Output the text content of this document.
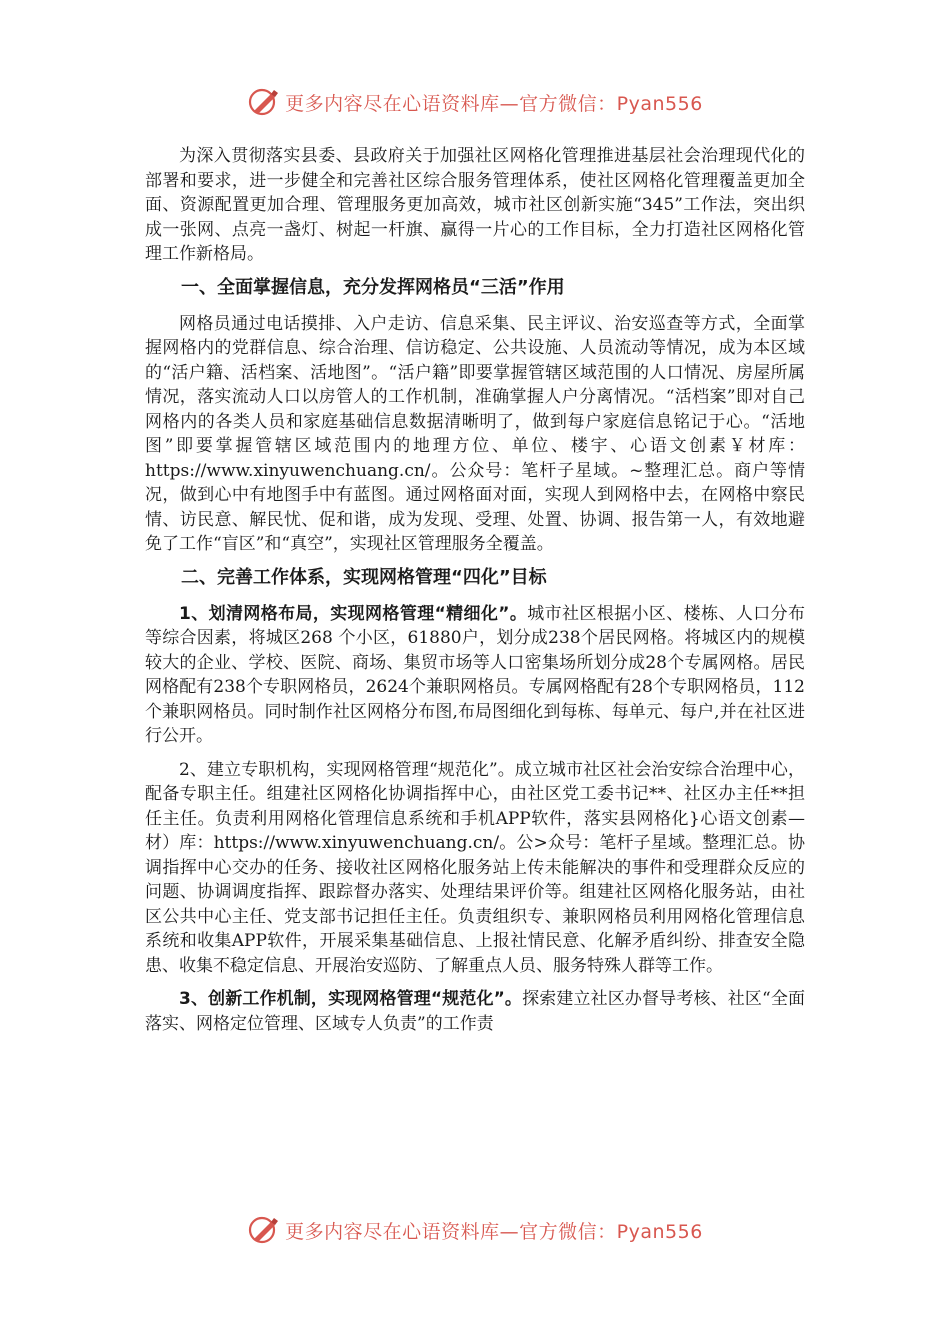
更多内容尽在心语资料库—官方微信：Pyan556

为深入贯彻落实县委、县政府关于加强社区网格化管理推进基层社会治理现代化的部署和要求，进一步健全和完善社区综合服务管理体系，使社区网格化管理覆盖更加全面、资源配置更加合理、管理服务更加高效，城市社区创新实施“345”工作法，突出织成一张网、点亮一盏灯、树起一杆旗、赢得一片心的工作目标，全力打造社区网格化管理工作新格局。

一、全面掌握信息，充分发挥网格员“三活”作用

网格员通过电话摸排、入户走访、信息采集、民主评议、治安巡查等方式，全面掌握网格内的党群信息、综合治理、信访稳定、公共设施、人员流动等情况，成为本区域的“活户籍、活档案、活地图”。“活户籍”即要掌握管辖区域范围的人口情况、房屋所属情况，落实流动人口以房管人的工作机制，准确掌握人户分离情况。“活档案”即对自己网格内的各类人员和家庭基础信息数据清晰明了，做到每户家庭信息铭记于心。“活地图”即要掌握管辖区域范围内的地理方位、单位、楼宇、心语文创素￥材库：https://www.xinyuwenchuang.cn/。公众号：笔杆子星域。~整理汇总。商户等情况，做到心中有地图手中有蓝图。通过网格面对面，实现人到网格中去，在网格中察民情、访民意、解民忧、促和谐，成为发现、受理、处置、协调、报告第一人，有效地避免了工作“盲区”和“真空”，实现社区管理服务全覆盖。

二、完善工作体系，实现网格管理“四化”目标

1、划清网格布局，实现网格管理“精细化”。城市社区根据小区、楼栋、人口分布等综合因素，将城区268 个小区，61880户，划分成238个居民网格。将城区内的规模较大的企业、学校、医院、商场、集贸市场等人口密集场所划分成28个专属网格。居民网格配有238个专职网格员，2624个兼职网格员。专属网格配有28个专职网格员，112个兼职网格员。同时制作社区网格分布图,布局图细化到每栋、每单元、每户,并在社区进行公开。

2、建立专职机构，实现网格管理“规范化”。成立城市社区社会治安综合治理中心，配备专职主任。组建社区网格化协调指挥中心，由社区党工委书记**、社区办主任**担任主任。负责利用网格化管理信息系统和手机APP软件，落实县网格化}心语文创素—材）库：https://www.xinyuwenchuang.cn/。公>众号：笔杆子星域。整理汇总。协调指挥中心交办的任务、接收社区网格化服务站上传未能解决的事件和受理群众反应的问题、协调调度指挥、跟踪督办落实、处理结果评价等。组建社区网格化服务站，由社区公共中心主任、党支部书记担任主任。负责组织专、兼职网格员利用网格化管理信息系统和收集APP软件，开展采集基础信息、上报社情民意、化解矛盾纠纷、排查安全隐患、收集不稳定信息、开展治安巡防、了解重点人员、服务特殊人群等工作。

3、创新工作机制，实现网格管理“规范化”。探索建立社区办督导考核、社区“全面落实、网格定位管理、区域专人负责”的工作责

更多内容尽在心语资料库—官方微信：Pyan556
